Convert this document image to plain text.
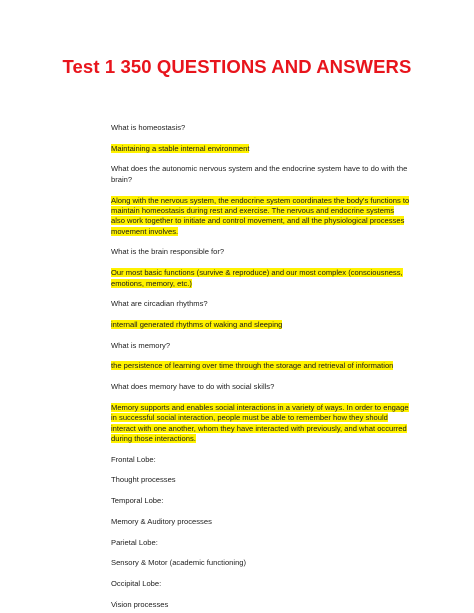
Test 1 350 QUESTIONS AND ANSWERS

What is homeostasis?

Maintaining a stable internal environment

What does the autonomic nervous system and the endocrine system have to do with the brain?

Along with the nervous system, the endocrine system coordinates the body's functions to maintain homeostasis during rest and exercise. The nervous and endocrine systems also work together to initiate and control movement, and all the physiological processes movement involves.

What is the brain responsible for?

Our most basic functions (survive & reproduce) and our most complex (consciousness, emotions, memory, etc.)

What are circadian rhythms?

internall generated rhythms of waking and sleeping

What is memory?

the persistence of learning over time through the storage and retrieval of information

What does memory have to do with social skills?

Memory supports and enables social interactions in a variety of ways. In order to engage in successful social interaction, people must be able to remember how they should interact with one another, whom they have interacted with previously, and what occurred during those interactions.

Frontal Lobe:

Thought processes

Temporal Lobe:

Memory & Auditory processes

Parietal Lobe:

Sensory & Motor (academic functioning)

Occipital Lobe:

Vision processes
